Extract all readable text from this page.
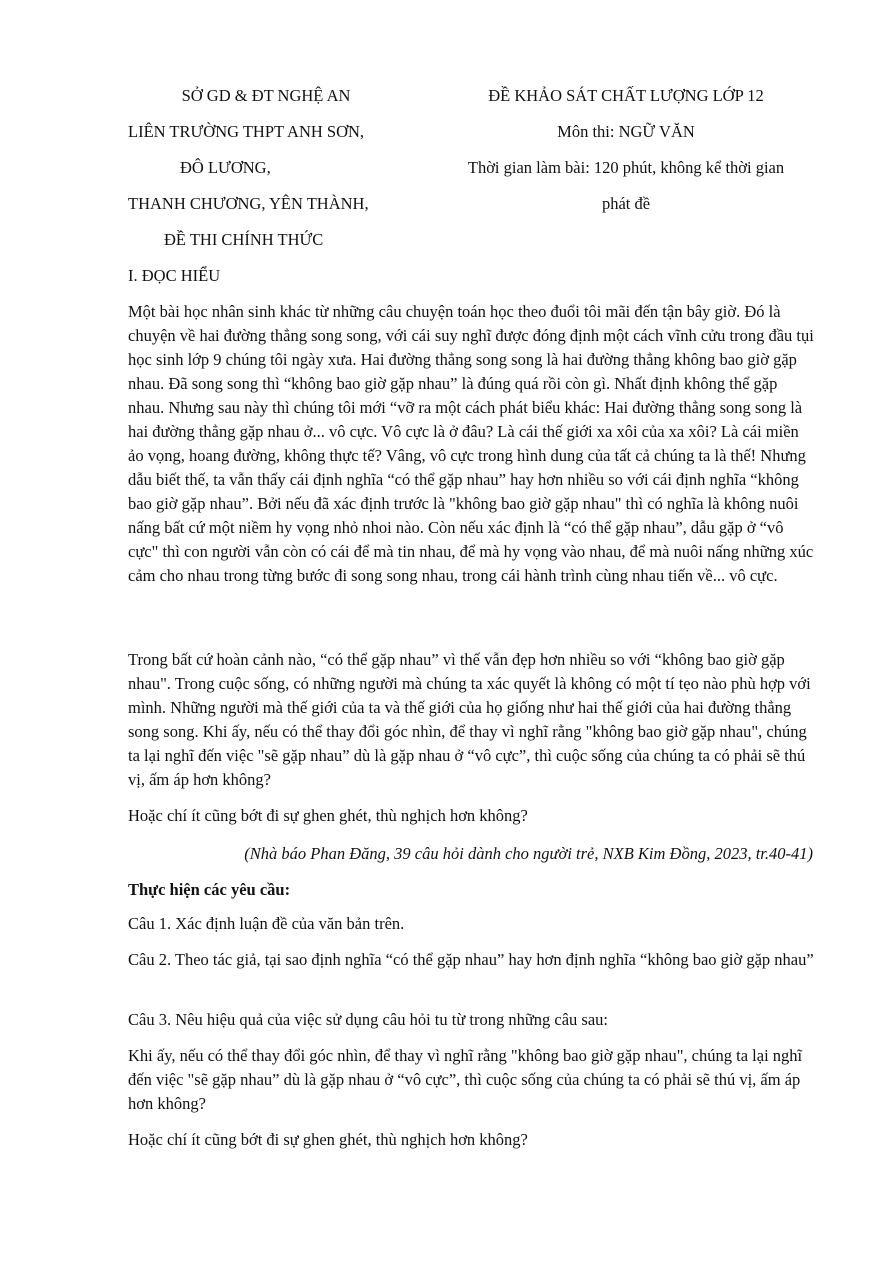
SỞ GD & ĐT NGHỆ AN
LIÊN TRƯỜNG THPT ANH SƠN,
ĐÔ LƯƠNG,
THANH CHƯƠNG, YÊN THÀNH,
ĐỀ THI CHÍNH THỨC
ĐỀ KHẢO SÁT CHẤT LƯỢNG LỚP 12
Môn thi: NGỮ VĂN
Thời gian làm bài: 120 phút, không kể thời gian
phát đề
I. ĐỌC HIỂU

Một bài học nhân sinh khác từ những câu chuyện toán học theo đuổi tôi mãi đến tận bây giờ. Đó là chuyện về hai đường thẳng song song, với cái suy nghĩ được đóng định một cách vĩnh cửu trong đầu tụi học sinh lớp 9 chúng tôi ngày xưa. Hai đường thẳng song song là hai đường thẳng không bao giờ gặp nhau. Đã song song thì “không bao giờ gặp nhau” là đúng quá rồi còn gì. Nhất định không thể gặp nhau. Nhưng sau này thì chúng tôi mới “vỡ ra một cách phát biểu khác: Hai đường thẳng song song là hai đường thẳng gặp nhau ở... vô cực. Vô cực là ở đâu? Là cái thế giới xa xôi của xa xôi? Là cái miền ảo vọng, hoang đường, không thực tế? Vâng, vô cực trong hình dung của tất cả chúng ta là thế! Nhưng dẫu biết thế, ta vẫn thấy cái định nghĩa “có thể gặp nhau” hay hơn nhiều so với cái định nghĩa “không bao giờ gặp nhau”. Bởi nếu đã xác định trước là "không bao giờ gặp nhau" thì có nghĩa là không nuôi nấng bất cứ một niềm hy vọng nhỏ nhoi nào. Còn nếu xác định là “có thể gặp nhau”, dẫu gặp ở “vô cực" thì con người vẫn còn có cái để mà tin nhau, để mà hy vọng vào nhau, để mà nuôi nấng những xúc cảm cho nhau trong từng bước đi song song nhau, trong cái hành trình cùng nhau tiến về... vô cực.

Trong bất cứ hoàn cảnh nào, “có thể gặp nhau” vì thế vẫn đẹp hơn nhiều so với “không bao giờ gặp nhau". Trong cuộc sống, có những người mà chúng ta xác quyết là không có một tí tẹo nào phù hợp với mình. Những người mà thế giới của ta và thế giới của họ giống như hai thế giới của hai đường thẳng song song. Khi ấy, nếu có thể thay đổi góc nhìn, để thay vì nghĩ rằng "không bao giờ gặp nhau", chúng ta lại nghĩ đến việc "sẽ gặp nhau” dù là gặp nhau ở “vô cực”, thì cuộc sống của chúng ta có phải sẽ thú vị, ấm áp hơn không?

Hoặc chí ít cũng bớt đi sự ghen ghét, thù nghịch hơn không?

(Nhà báo Phan Đăng, 39 câu hỏi dành cho người trẻ, NXB Kim Đồng, 2023, tr.40-41)
Thực hiện các yêu cầu:

Câu 1. Xác định luận đề của văn bản trên.

Câu 2. Theo tác giả, tại sao định nghĩa “có thể gặp nhau” hay hơn định nghĩa “không bao giờ gặp nhau”

Câu 3. Nêu hiệu quả của việc sử dụng câu hỏi tu từ trong những câu sau:

Khi ấy, nếu có thể thay đổi góc nhìn, để thay vì nghĩ rằng "không bao giờ gặp nhau", chúng ta lại nghĩ đến việc "sẽ gặp nhau” dù là gặp nhau ở “vô cực”, thì cuộc sống của chúng ta có phải sẽ thú vị, ấm áp hơn không?

Hoặc chí ít cũng bớt đi sự ghen ghét, thù nghịch hơn không?
